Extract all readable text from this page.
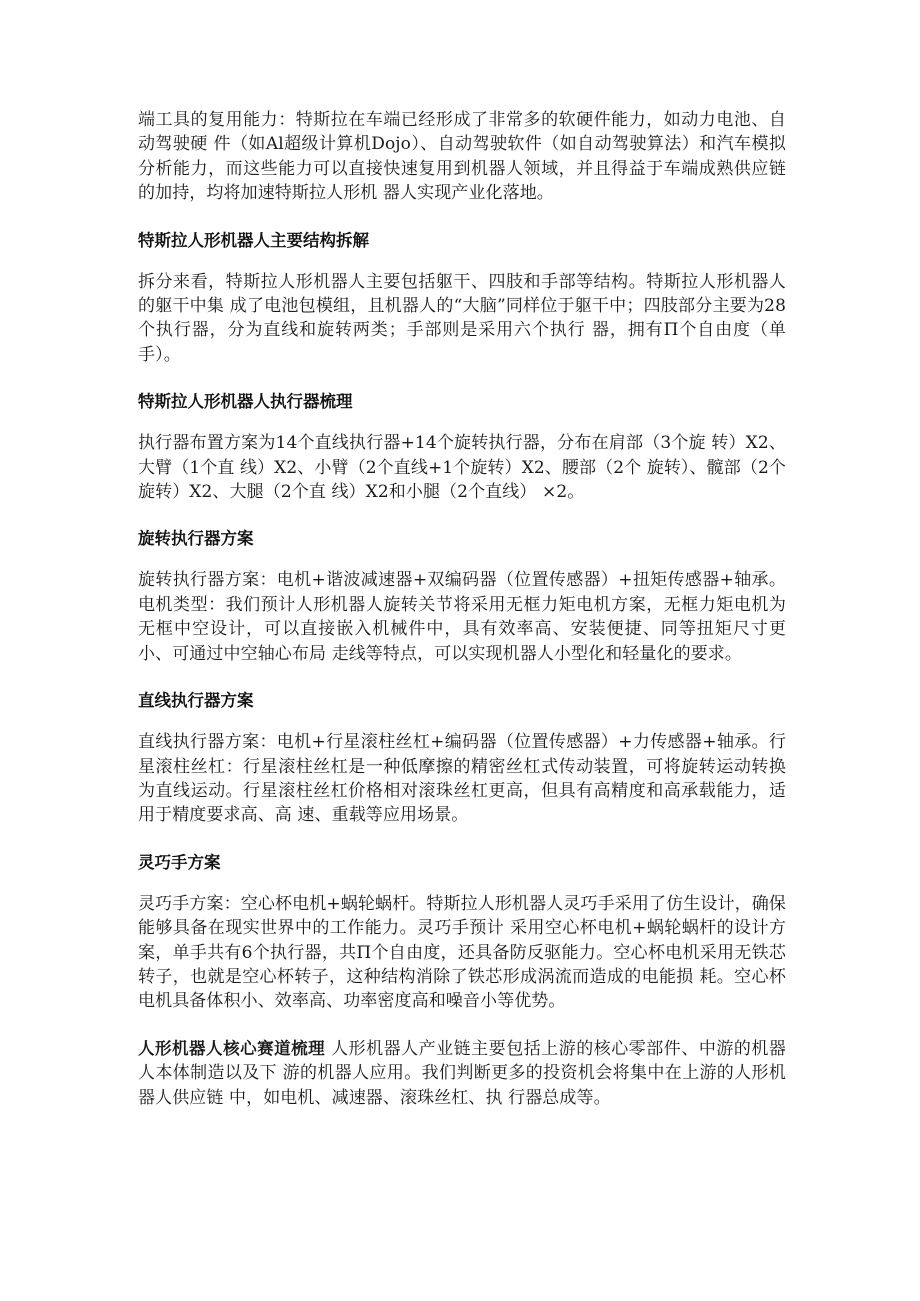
端工具的复用能力：特斯拉在车端已经形成了非常多的软硬件能力，如动力电池、自动驾驶硬 件（如Al超级计算机Dojo）、自动驾驶软件（如自动驾驶算法）和汽车模拟分析能力，而这些能力可以直接快速复用到机器人领域，并且得益于车端成熟供应链的加持，均将加速特斯拉人形机 器人实现产业化落地。

特斯拉人形机器人主要结构拆解

拆分来看，特斯拉人形机器人主要包括躯干、四肢和手部等结构。特斯拉人形机器人的躯干中集 成了电池包模组，且机器人的“大脑”同样位于躯干中；四肢部分主要为28个执行器，分为直线和旋转两类；手部则是采用六个执行 器，拥有Π个自由度（单手）。

特斯拉人形机器人执行器梳理

执行器布置方案为14个直线执行器+14个旋转执行器，分布在肩部（3个旋 转）X2、大臂（1个直 线）X2、小臂（2个直线+1个旋转）X2、腰部（2个 旋转）、髋部（2个旋转）X2、大腿（2个直 线）X2和小腿（2个直线） ×2。

旋转执行器方案

旋转执行器方案：电机+谐波减速器+双编码器（位置传感器）+扭矩传感器+轴承。电机类型：我们预计人形机器人旋转关节将采用无框力矩电机方案，无框力矩电机为无框中空设计，可以直接嵌入机械件中，具有效率高、安装便捷、同等扭矩尺寸更小、可通过中空轴心布局 走线等特点，可以实现机器人小型化和轻量化的要求。

直线执行器方案

直线执行器方案：电机+行星滚柱丝杠+编码器（位置传感器）+力传感器+轴承。行星滚柱丝杠：行星滚柱丝杠是一种低摩擦的精密丝杠式传动装置，可将旋转运动转换为直线运动。行星滚柱丝杠价格相对滚珠丝杠更高，但具有高精度和高承载能力，适用于精度要求高、高 速、重载等应用场景。

灵巧手方案

灵巧手方案：空心杯电机+蜗轮蜗杆。特斯拉人形机器人灵巧手采用了仿生设计，确保能够具备在现实世界中的工作能力。灵巧手预计 采用空心杯电机+蜗轮蜗杆的设计方案，单手共有6个执行器，共Π个自由度，还具备防反驱能力。空心杯电机采用无铁芯转子，也就是空心杯转子，这种结构消除了铁芯形成涡流而造成的电能损 耗。空心杯电机具备体积小、效率高、功率密度高和噪音小等优势。

人形机器人核心赛道梳理 人形机器人产业链主要包括上游的核心零部件、中游的机器人本体制造以及下 游的机器人应用。我们判断更多的投资机会将集中在上游的人形机器人供应链 中，如电机、减速器、滚珠丝杠、执 行器总成等。
